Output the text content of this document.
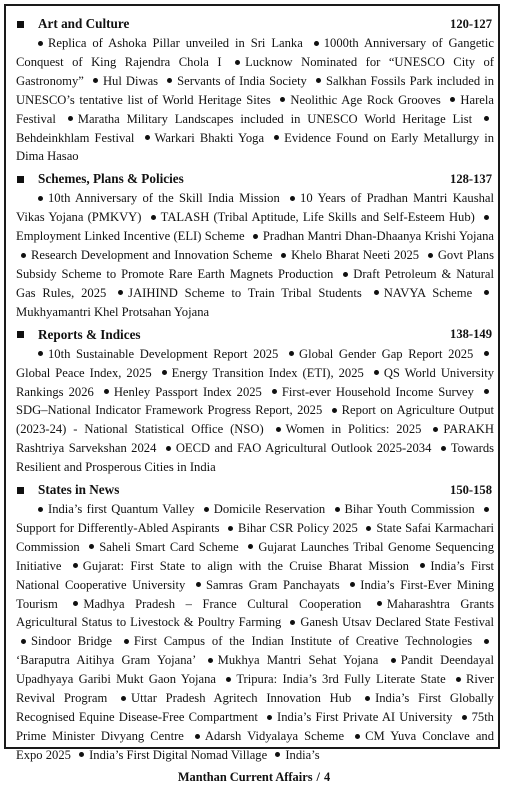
Art and Culture	120-127
Replica of Ashoka Pillar unveiled in Sri Lanka 1000th Anniversary of Gangetic Conquest of King Rajendra Chola I Lucknow Nominated for “UNESCO City of Gastronomy” Hul Diwas Servants of India Society Salkhan Fossils Park included in UNESCO’s tentative list of World Heritage Sites Neolithic Age Rock Grooves Harela Festival Maratha Military Landscapes included in UNESCO World Heritage List Behdeinkhlam Festival Warkari Bhakti Yoga Evidence Found on Early Metallurgy in Dima Hasao
Schemes, Plans & Policies	128-137
10th Anniversary of the Skill India Mission 10 Years of Pradhan Mantri Kaushal Vikas Yojana (PMKVY) TALASH (Tribal Aptitude, Life Skills and Self-Esteem Hub) Employment Linked Incentive (ELI) Scheme Pradhan Mantri Dhan-Dhaanya Krishi Yojana Research Development and Innovation Scheme Khelo Bharat Neeti 2025 Govt Plans Subsidy Scheme to Promote Rare Earth Magnets Production Draft Petroleum & Natural Gas Rules, 2025 JAIHIND Scheme to Train Tribal Students NAVYA Scheme Mukhyamantri Khel Protsahan Yojana
Reports & Indices	138-149
10th Sustainable Development Report 2025 Global Gender Gap Report 2025 Global Peace Index, 2025 Energy Transition Index (ETI), 2025 QS World University Rankings 2026 Henley Passport Index 2025 First-ever Household Income Survey SDG–National Indicator Framework Progress Report, 2025 Report on Agriculture Output (2023-24) - National Statistical Office (NSO) Women in Politics: 2025 PARAKH Rashtriya Sarvekshan 2024 OECD and FAO Agricultural Outlook 2025-2034 Towards Resilient and Prosperous Cities in India
States in News	150-158
India’s first Quantum Valley Domicile Reservation Bihar Youth Commission Support for Differently-Abled Aspirants Bihar CSR Policy 2025 State Safai Karmachari Commission Saheli Smart Card Scheme Gujarat Launches Tribal Genome Sequencing Initiative Gujarat: First State to align with the Cruise Bharat Mission India’s First National Cooperative University Samras Gram Panchayats India’s First-Ever Mining Tourism Madhya Pradesh – France Cultural Cooperation Maharashtra Grants Agricultural Status to Livestock & Poultry Farming Ganesh Utsav Declared State Festival Sindoor Bridge First Campus of the Indian Institute of Creative Technologies ‘Baraputra Aitihya Gram Yojana’ Mukhya Mantri Sehat Yojana Pandit Deendayal Upadhyaya Garibi Mukt Gaon Yojana Tripura: India’s 3rd Fully Literate State River Revival Program Uttar Pradesh Agritech Innovation Hub India’s First Globally Recognised Equine Disease-Free Compartment India’s First Private AI University 75th Prime Minister Divyang Centre Adarsh Vidyalaya Scheme CM Yuva Conclave and Expo 2025 India’s First Digital Nomad Village India’s
Manthan Current Affairs / 4
